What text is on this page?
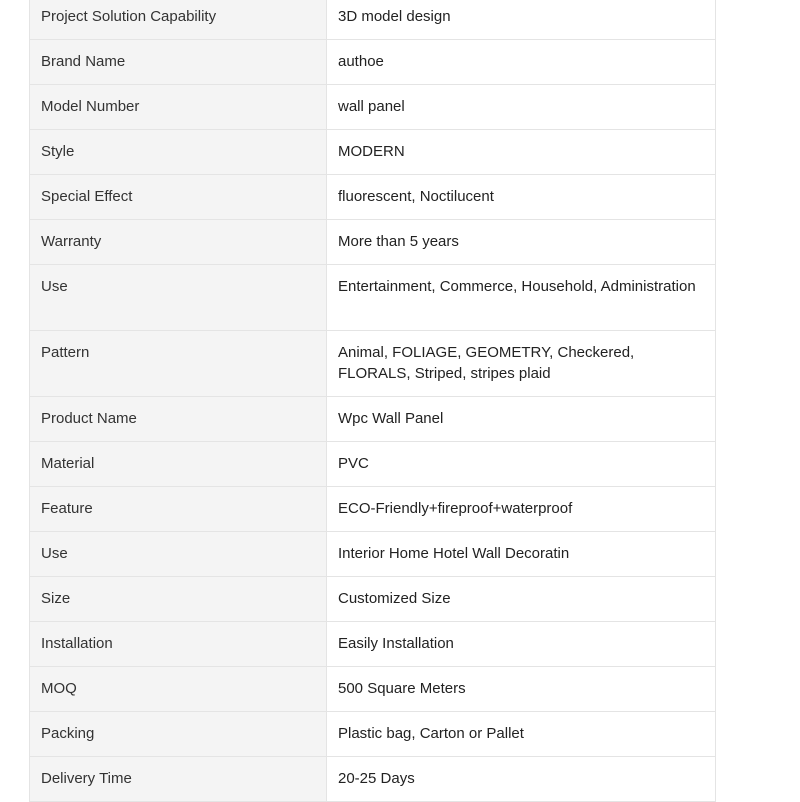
Project Solution Capability	3D model design
Brand Name	authoe
Model Number	wall panel
Style	MODERN
Special Effect	fluorescent, Noctilucent
Warranty	More than 5 years
Use	Entertainment, Commerce, Household, Administration
Pattern	Animal, FOLIAGE, GEOMETRY, Checkered, FLORALS, Striped, stripes plaid
Product Name	Wpc Wall Panel
Material	PVC
Feature	ECO-Friendly+fireproof+waterproof
Use	Interior Home Hotel Wall Decoratin
Size	Customized Size
Installation	Easily Installation
MOQ	500 Square Meters
Packing	Plastic bag, Carton or Pallet
Delivery Time	20-25 Days
